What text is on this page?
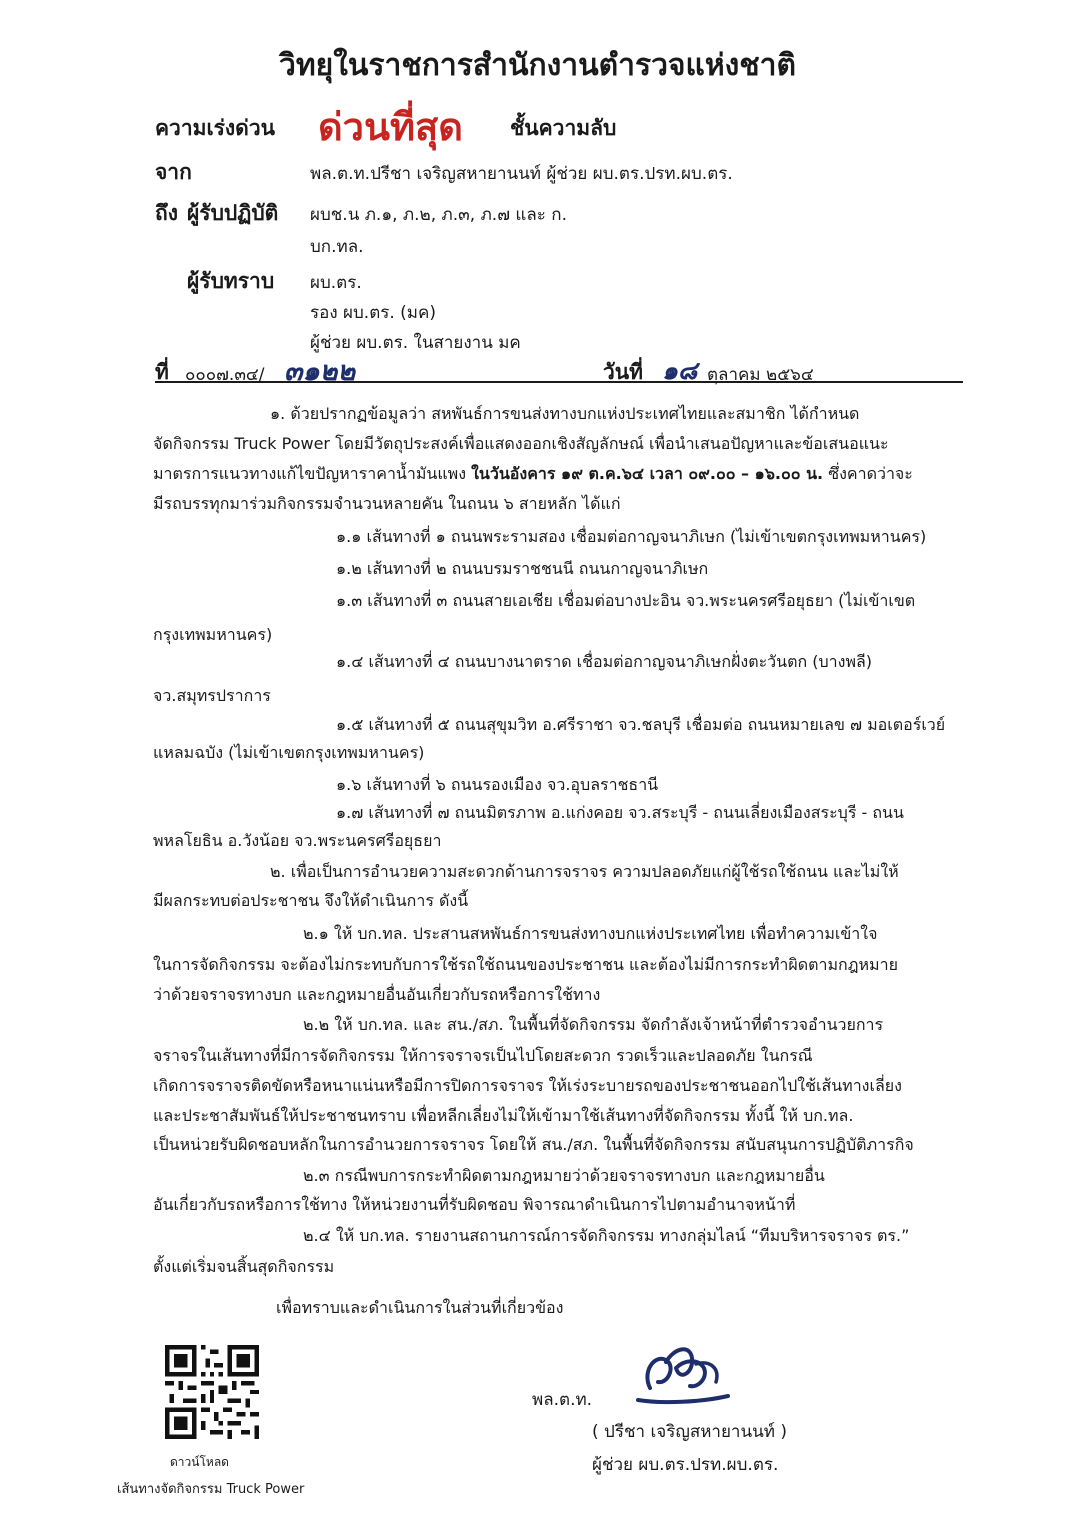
วิทยุในราชการสำนักงานตำรวจแห่งชาติ
ความเร่งด่วน ด่วนที่สุด ชั้นความลับ
จาก	พล.ต.ท.ปรีชา เจริญสหายานนท์ ผู้ช่วย ผบ.ตร.ปรท.ผบ.ตร.
ถึง ผู้รับปฏิบัติ ผบช.น ภ.๑, ภ.๒, ภ.๓, ภ.๗ และ ก.
บก.ทล.
ผู้รับทราบ ผบ.ตร.
รอง ผบ.ตร. (มค)
ผู้ช่วย ผบ.ตร. ในสายงาน มค
ที่ ๐๐๐๗.๓๔/ ๓๑๒๒	วันที่ ๑๘ ตุลาคม ๒๕๖๔
๑. ด้วยปรากฏข้อมูลว่า สหพันธ์การขนส่งทางบกแห่งประเทศไทยและสมาชิก ได้กำหนด
จัดกิจกรรม Truck Power โดยมีวัตถุประสงค์เพื่อแสดงออกเชิงสัญลักษณ์ เพื่อนำเสนอปัญหาและข้อเสนอแนะ
มาตรการแนวทางแก้ไขปัญหาราคาน้ำมันแพง ในวันอังคาร ๑๙ ต.ค.๖๔ เวลา ๐๙.๐๐ – ๑๖.๐๐ น. ซึ่งคาดว่าจะ
มีรถบรรทุกมาร่วมกิจกรรมจำนวนหลายคัน ในถนน ๖ สายหลัก ได้แก่
๑.๑ เส้นทางที่ ๑ ถนนพระรามสอง เชื่อมต่อกาญจนาภิเษก (ไม่เข้าเขตกรุงเทพมหานคร)
๑.๒ เส้นทางที่ ๒ ถนนบรมราชชนนี ถนนกาญจนาภิเษก
๑.๓ เส้นทางที่ ๓ ถนนสายเอเชีย เชื่อมต่อบางปะอิน จว.พระนครศรีอยุธยา (ไม่เข้าเขต
กรุงเทพมหานคร)
๑.๔ เส้นทางที่ ๔ ถนนบางนาตราด เชื่อมต่อกาญจนาภิเษกฝั่งตะวันตก (บางพลี)
จว.สมุทรปราการ
๑.๕ เส้นทางที่ ๕ ถนนสุขุมวิท อ.ศรีราชา จว.ชลบุรี เชื่อมต่อ ถนนหมายเลข ๗ มอเตอร์เวย์
แหลมฉบัง (ไม่เข้าเขตกรุงเทพมหานคร)
๑.๖ เส้นทางที่ ๖ ถนนรองเมือง จว.อุบลราชธานี
๑.๗ เส้นทางที่ ๗ ถนนมิตรภาพ อ.แก่งคอย จว.สระบุรี - ถนนเลี่ยงเมืองสระบุรี - ถนน
พหลโยธิน อ.วังน้อย จว.พระนครศรีอยุธยา
๒. เพื่อเป็นการอำนวยความสะดวกด้านการจราจร ความปลอดภัยแก่ผู้ใช้รถใช้ถนน และไม่ให้
มีผลกระทบต่อประชาชน จึงให้ดำเนินการ ดังนี้
๒.๑ ให้ บก.ทล. ประสานสหพันธ์การขนส่งทางบกแห่งประเทศไทย เพื่อทำความเข้าใจ
ในการจัดกิจกรรม จะต้องไม่กระทบกับการใช้รถใช้ถนนของประชาชน และต้องไม่มีการกระทำผิดตามกฎหมาย
ว่าด้วยจราจรทางบก และกฎหมายอื่นอันเกี่ยวกับรถหรือการใช้ทาง
๒.๒ ให้ บก.ทล. และ สน./สภ. ในพื้นที่จัดกิจกรรม จัดกำลังเจ้าหน้าที่ตำรวจอำนวยการ
จราจรในเส้นทางที่มีการจัดกิจกรรม ให้การจราจรเป็นไปโดยสะดวก รวดเร็วและปลอดภัย ในกรณี
เกิดการจราจรติดขัดหรือหนาแน่นหรือมีการปิดการจราจร ให้เร่งระบายรถของประชาชนออกไปใช้เส้นทางเลี่ยง
และประชาสัมพันธ์ให้ประชาชนทราบ เพื่อหลีกเลี่ยงไม่ให้เข้ามาใช้เส้นทางที่จัดกิจกรรม ทั้งนี้ ให้ บก.ทล.
เป็นหน่วยรับผิดชอบหลักในการอำนวยการจราจร โดยให้ สน./สภ. ในพื้นที่จัดกิจกรรม สนับสนุนการปฏิบัติภารกิจ
๒.๓ กรณีพบการกระทำผิดตามกฎหมายว่าด้วยจราจรทางบก และกฎหมายอื่น
อันเกี่ยวกับรถหรือการใช้ทาง ให้หน่วยงานที่รับผิดชอบ พิจารณาดำเนินการไปตามอำนาจหน้าที่
๒.๔ ให้ บก.ทล. รายงานสถานการณ์การจัดกิจกรรม ทางกลุ่มไลน์ “ทีมบริหารจราจร ตร.”
ตั้งแต่เริ่มจนสิ้นสุดกิจกรรม
เพื่อทราบและดำเนินการในส่วนที่เกี่ยวข้อง
ดาวน์โหลด
เส้นทางจัดกิจกรรม Truck Power
พล.ต.ท.
( ปรีชา เจริญสหายานนท์ )
ผู้ช่วย ผบ.ตร.ปรท.ผบ.ตร.
